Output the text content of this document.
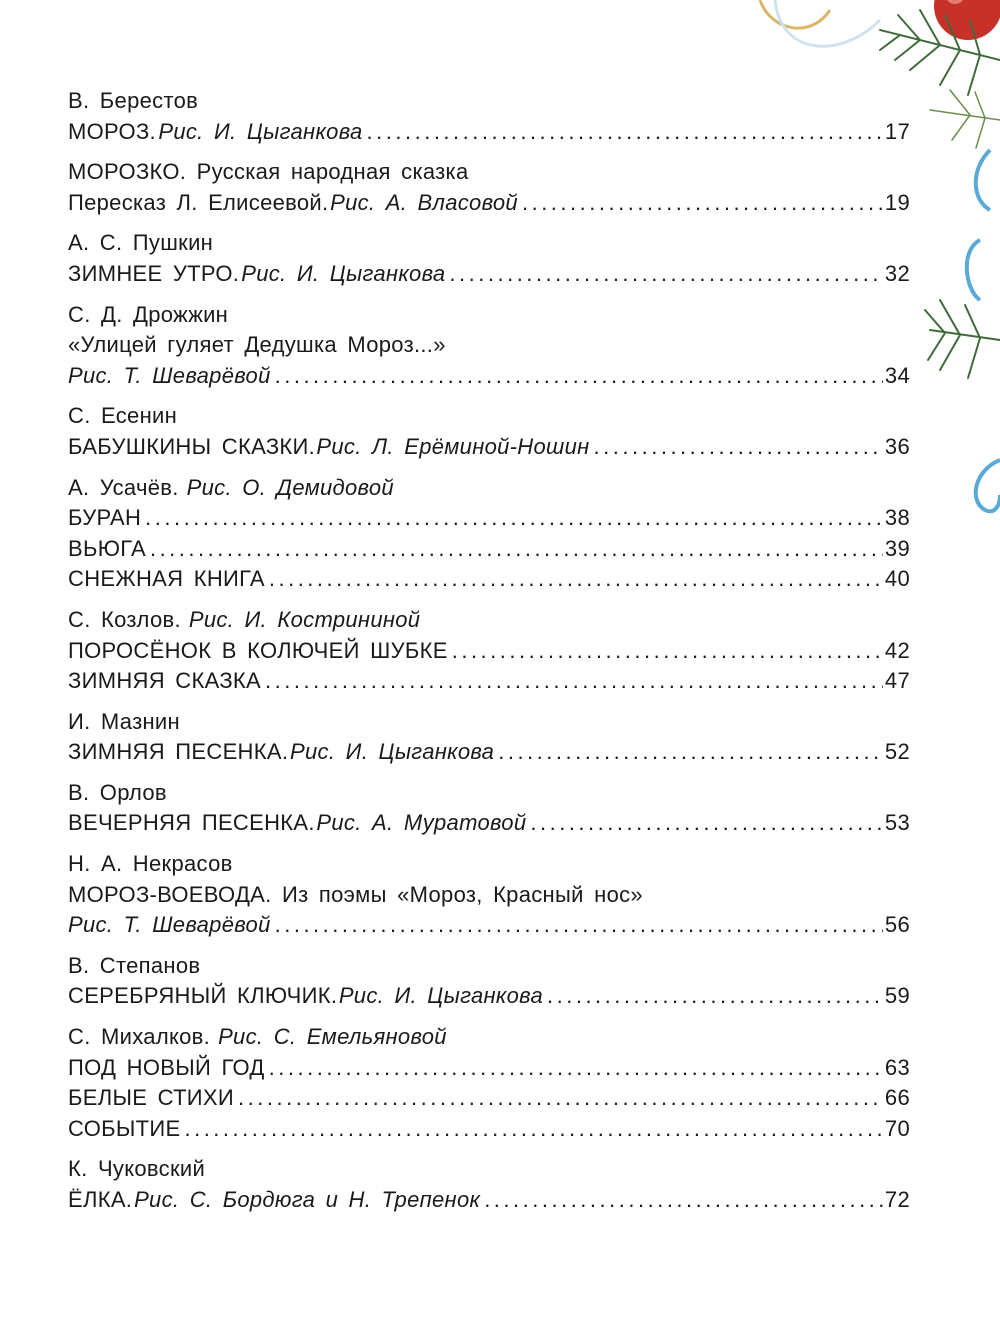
В. Берестов
МОРОЗ. Рис. И. Цыганкова .....	17
МОРОЗКО. Русская народная сказка
Пересказ Л. Елисеевой. Рис. А. Власовой .....	19
А. С. Пушкин
ЗИМНЕЕ УТРО. Рис. И. Цыганкова .....	32
С. Д. Дрожжин
«Улицей гуляет Дедушка Мороз...»
Рис. Т. Шеварёвой .....	34
С. Есенин
БАБУШКИНЫ СКАЗКИ. Рис. Л. Ерёминой-Ношин .....	36
А. Усачёв. Рис. О. Демидовой
БУРАН .....	38
ВЬЮГА .....	39
СНЕЖНАЯ КНИГА .....	40
С. Козлов. Рис. И. Кострининой
ПОРОСЁНОК В КОЛЮЧЕЙ ШУБКЕ .....	42
ЗИМНЯЯ СКАЗКА .....	47
И. Мазнин
ЗИМНЯЯ ПЕСЕНКА. Рис. И. Цыганкова .....	52
В. Орлов
ВЕЧЕРНЯЯ ПЕСЕНКА. Рис. А. Муратовой .....	53
Н. А. Некрасов
МОРОЗ-ВОЕВОДА. Из поэмы «Мороз, Красный нос»
Рис. Т. Шеварёвой .....	56
В. Степанов
СЕРЕБРЯНЫЙ КЛЮЧИК. Рис. И. Цыганкова .....	59
С. Михалков. Рис. С. Емельяновой
ПОД НОВЫЙ ГОД .....	63
БЕЛЫЕ СТИХИ .....	66
СОБЫТИЕ .....	70
К. Чуковский
ЁЛКА. Рис. С. Бордюга и Н. Трепенок .....	72
